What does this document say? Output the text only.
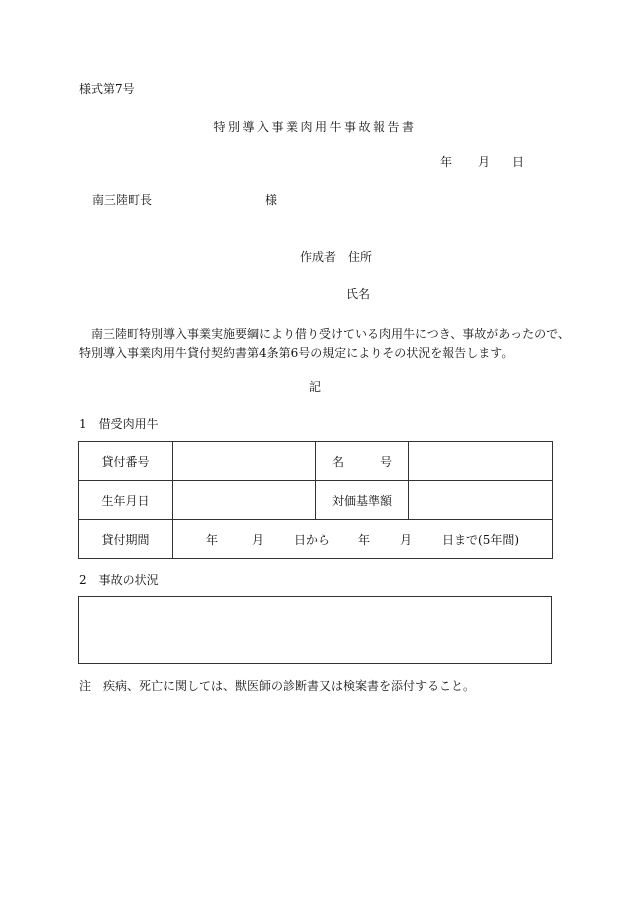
様式第7号
特別導入事業肉用牛事故報告書
年 月 日
南三陸町長	様
作成者　住所
氏名

南三陸町特別導入事業実施要綱により借り受けている肉用牛につき、事故があったので、

特別導入事業肉用牛貸付契約書第4条第6号の規定によりその状況を報告します。

記
1　借受肉用牛
貸付番号		名　　　号	
生年月日		対価基準額	
貸付期間	年 月 日から 年 月 日まで(5年間)		
2　事故の状況
注　疾病、死亡に関しては、獣医師の診断書又は検案書を添付すること。
